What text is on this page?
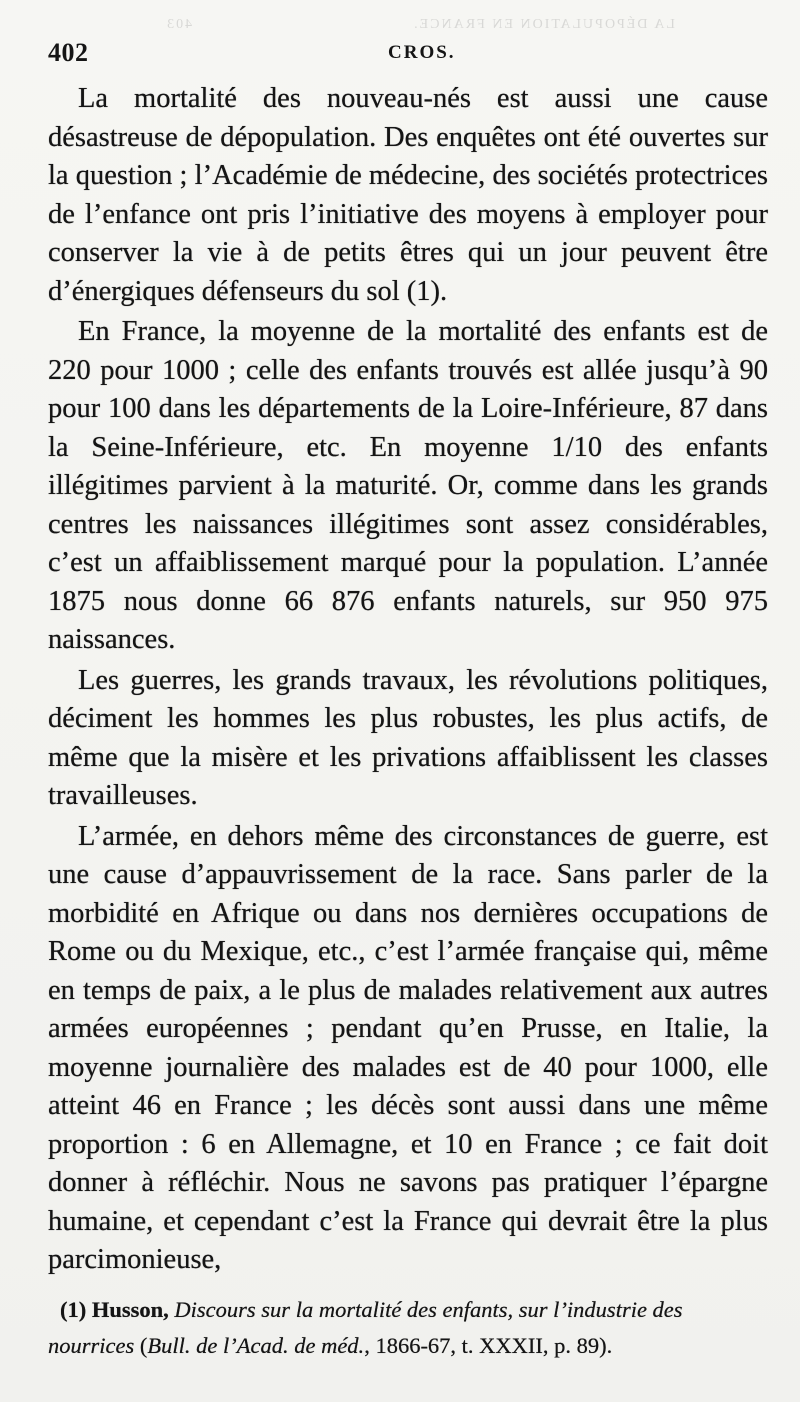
LA DÉPOPULATION EN FRANCE.                                        403
402	CROS.

La mortalité des nouveau-nés est aussi une cause désastreuse de dépopulation. Des enquêtes ont été ouvertes sur la question ; l’Académie de médecine, des sociétés protectrices de l’enfance ont pris l’initiative des moyens à employer pour conserver la vie à de petits êtres qui un jour peuvent être d’énergiques défenseurs du sol (1).

En France, la moyenne de la mortalité des enfants est de 220 pour 1000 ; celle des enfants trouvés est allée jusqu’à 90 pour 100 dans les départements de la Loire-Inférieure, 87 dans la Seine-Inférieure, etc. En moyenne 1/10 des enfants illégitimes parvient à la maturité. Or, comme dans les grands centres les naissances illégitimes sont assez considérables, c’est un affaiblissement marqué pour la population. L’année 1875 nous donne 66 876 enfants naturels, sur 950 975 naissances.

Les guerres, les grands travaux, les révolutions politiques, déciment les hommes les plus robustes, les plus actifs, de même que la misère et les privations affaiblissent les classes travailleuses.

L’armée, en dehors même des circonstances de guerre, est une cause d’appauvrissement de la race. Sans parler de la morbidité en Afrique ou dans nos dernières occupations de Rome ou du Mexique, etc., c’est l’armée française qui, même en temps de paix, a le plus de malades relativement aux autres armées européennes ; pendant qu’en Prusse, en Italie, la moyenne journalière des malades est de 40 pour 1000, elle atteint 46 en France ; les décès sont aussi dans une même proportion : 6 en Allemagne, et 10 en France ; ce fait doit donner à réfléchir. Nous ne savons pas pratiquer l’épargne humaine, et cependant c’est la France qui devrait être la plus parcimonieuse,

(1) Husson, Discours sur la mortalité des enfants, sur l’industrie des nourrices (Bull. de l’Acad. de méd., 1866-67, t. XXXII, p. 89).
